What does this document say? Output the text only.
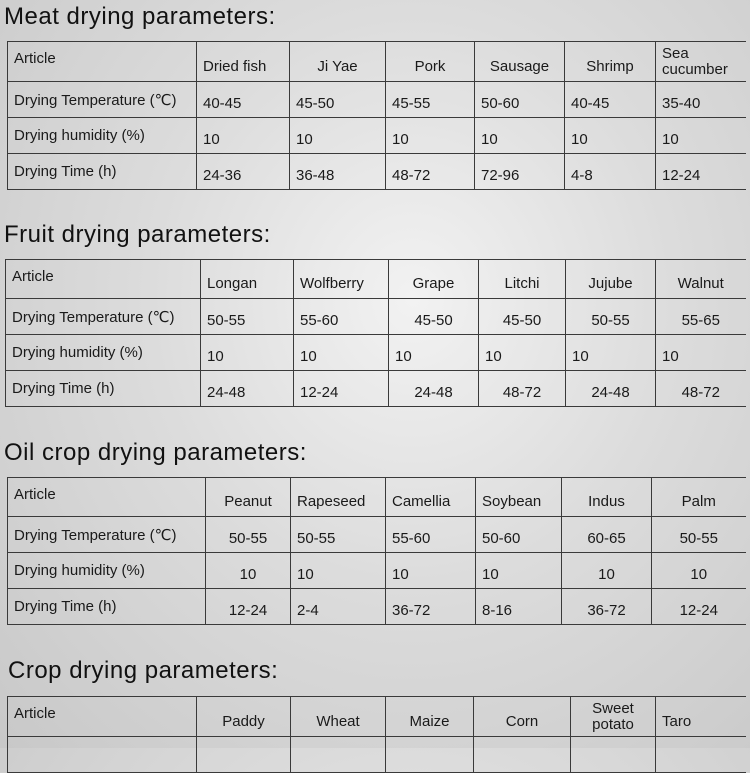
Meat drying parameters:
Article	Dried fish	Ji Yae	Pork	Sausage	Shrimp	Sea cucumber
Drying Temperature (℃)	40-45	45-50	45-55	50-60	40-45	35-40
Drying humidity (%)	10	10	10	10	10	10
Drying Time (h)	24-36	36-48	48-72	72-96	4-8	12-24
Fruit drying parameters:
Article	Longan	Wolfberry	Grape	Litchi	Jujube	Walnut
Drying Temperature (℃)	50-55	55-60	45-50	45-50	50-55	55-65
Drying humidity (%)	10	10	10	10	10	10
Drying Time (h)	24-48	12-24	24-48	48-72	24-48	48-72
Oil crop drying parameters:
Article	Peanut	Rapeseed	Camellia	Soybean	Indus	Palm
Drying Temperature (℃)	50-55	50-55	55-60	50-60	60-65	50-55
Drying humidity (%)	10	10	10	10	10	10
Drying Time (h)	12-24	2-4	36-72	8-16	36-72	12-24
Crop drying parameters:
Article	Paddy	Wheat	Maize	Corn	Sweet potato	Taro
